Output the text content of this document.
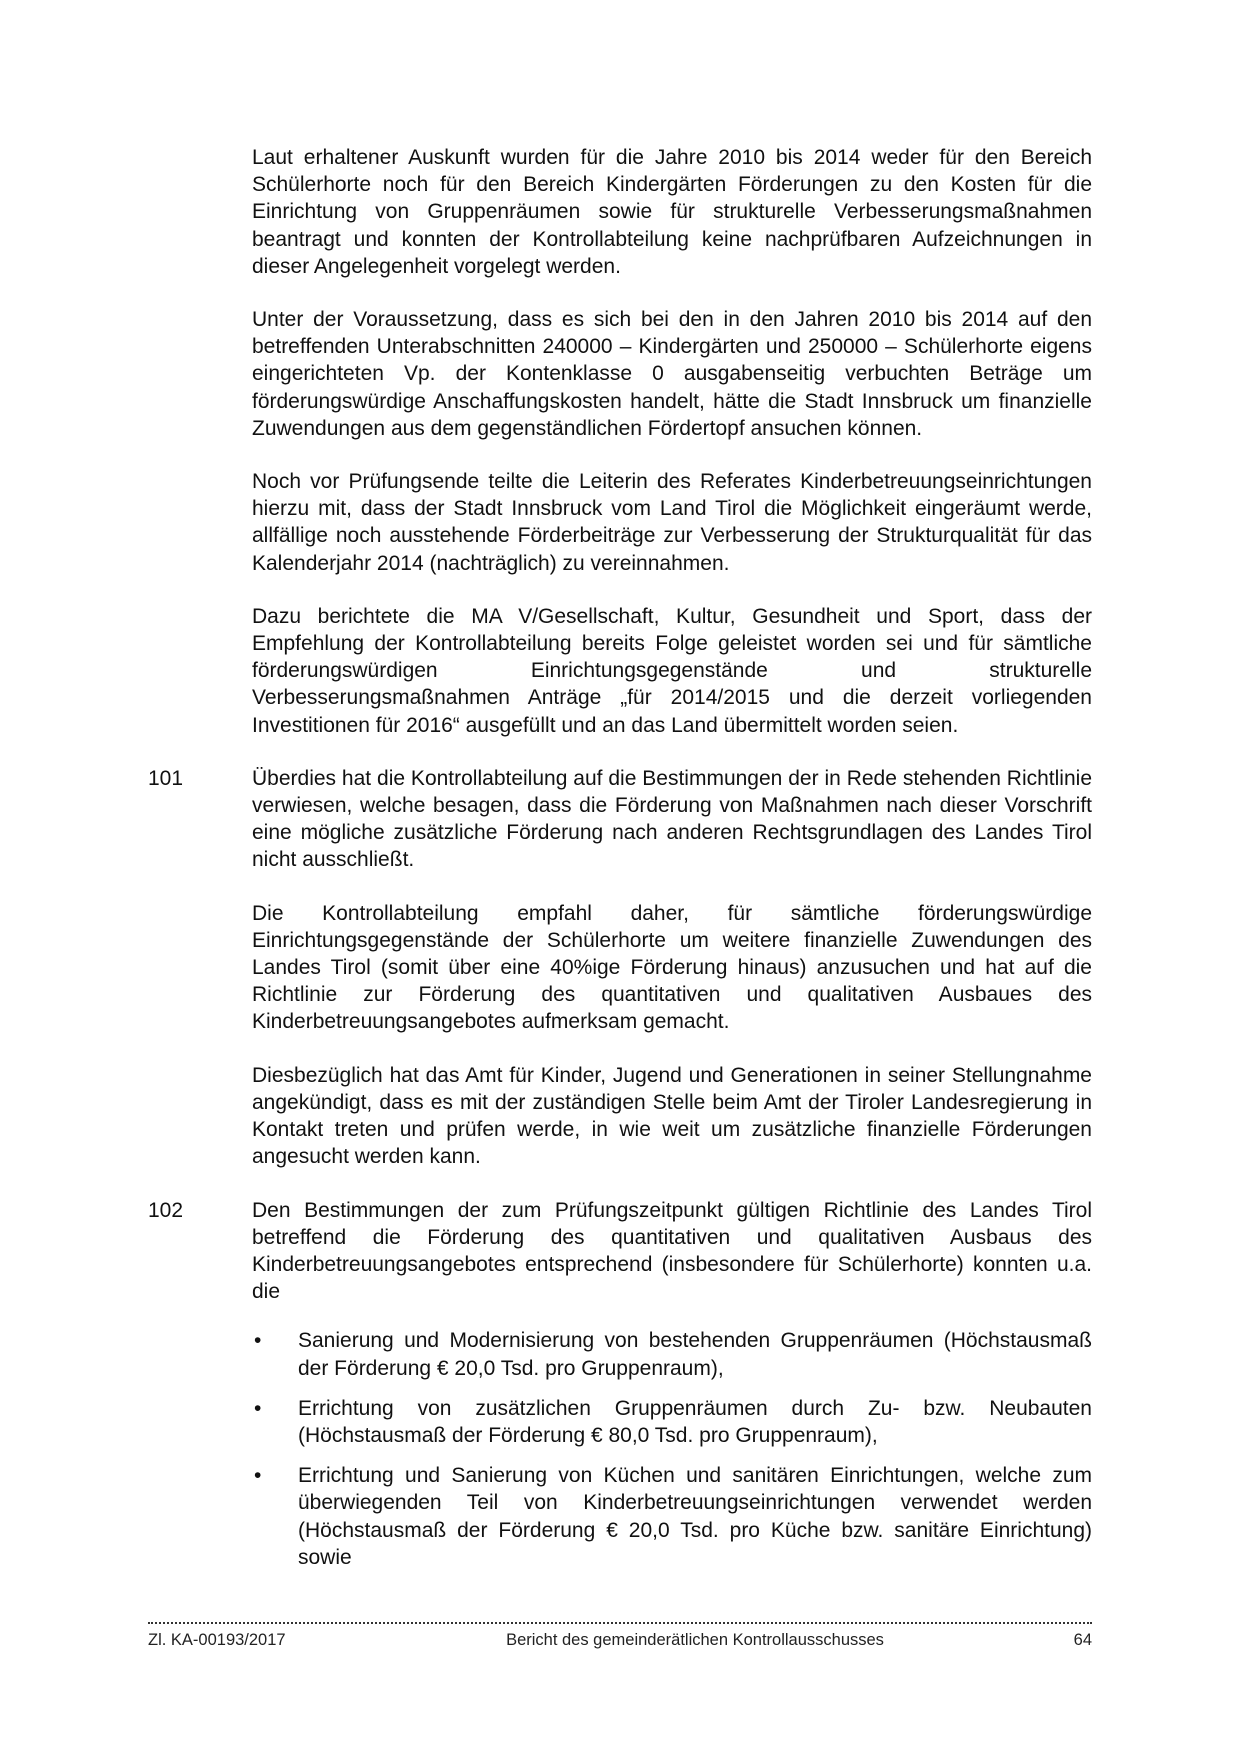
Laut erhaltener Auskunft wurden für die Jahre 2010 bis 2014 weder für den Bereich Schülerhorte noch für den Bereich Kindergärten Förderungen zu den Kosten für die Einrichtung von Gruppenräumen sowie für strukturelle Verbesserungsmaßnahmen beantragt und konnten der Kontrollabteilung keine nachprüfbaren Aufzeichnungen in dieser Angelegenheit vorgelegt werden.

Unter der Voraussetzung, dass es sich bei den in den Jahren 2010 bis 2014 auf den betreffenden Unterabschnitten 240000 – Kindergärten und 250000 – Schülerhorte eigens eingerichteten Vp. der Kontenklasse 0 ausgabenseitig verbuchten Beträge um förderungswürdige Anschaffungskosten handelt, hätte die Stadt Innsbruck um finanzielle Zuwendungen aus dem gegenständlichen Fördertopf ansuchen können.

Noch vor Prüfungsende teilte die Leiterin des Referates Kinderbetreuungseinrichtungen hierzu mit, dass der Stadt Innsbruck vom Land Tirol die Möglichkeit eingeräumt werde, allfällige noch ausstehende Förderbeiträge zur Verbesserung der Strukturqualität für das Kalenderjahr 2014 (nachträglich) zu vereinnahmen.

Dazu berichtete die MA V/Gesellschaft, Kultur, Gesundheit und Sport, dass der Empfehlung der Kontrollabteilung bereits Folge geleistet worden sei und für sämtliche förderungswürdigen Einrichtungsgegenstände und strukturelle Verbesserungsmaßnahmen Anträge „für 2014/2015 und die derzeit vorliegenden Investitionen für 2016“ ausgefüllt und an das Land übermittelt worden seien.

101	Überdies hat die Kontrollabteilung auf die Bestimmungen der in Rede stehenden Richtlinie verwiesen, welche besagen, dass die Förderung von Maßnahmen nach dieser Vorschrift eine mögliche zusätzliche Förderung nach anderen Rechtsgrundlagen des Landes Tirol nicht ausschließt.

Die Kontrollabteilung empfahl daher, für sämtliche förderungswürdige Einrichtungsgegenstände der Schülerhorte um weitere finanzielle Zuwendungen des Landes Tirol (somit über eine 40%ige Förderung hinaus) anzusuchen und hat auf die Richtlinie zur Förderung des quantitativen und qualitativen Ausbaues des Kinderbetreuungsangebotes aufmerksam gemacht.

Diesbezüglich hat das Amt für Kinder, Jugend und Generationen in seiner Stellungnahme angekündigt, dass es mit der zuständigen Stelle beim Amt der Tiroler Landesregierung in Kontakt treten und prüfen werde, in wie weit um zusätzliche finanzielle Förderungen angesucht werden kann.

102	Den Bestimmungen der zum Prüfungszeitpunkt gültigen Richtlinie des Landes Tirol betreffend die Förderung des quantitativen und qualitativen Ausbaus des Kinderbetreuungsangebotes entsprechend (insbesondere für Schülerhorte) konnten u.a. die

•	Sanierung und Modernisierung von bestehenden Gruppenräumen (Höchstausmaß der Förderung € 20,0 Tsd. pro Gruppenraum),
•	Errichtung von zusätzlichen Gruppenräumen durch Zu- bzw. Neubauten (Höchstausmaß der Förderung € 80,0 Tsd. pro Gruppenraum),
•	Errichtung und Sanierung von Küchen und sanitären Einrichtungen, welche zum überwiegenden Teil von Kinderbetreuungseinrichtungen verwendet werden (Höchstausmaß der Förderung € 20,0 Tsd. pro Küche bzw. sanitäre Einrichtung) sowie
Zl. KA-00193/2017	Bericht des gemeinderätlichen Kontrollausschusses	64
